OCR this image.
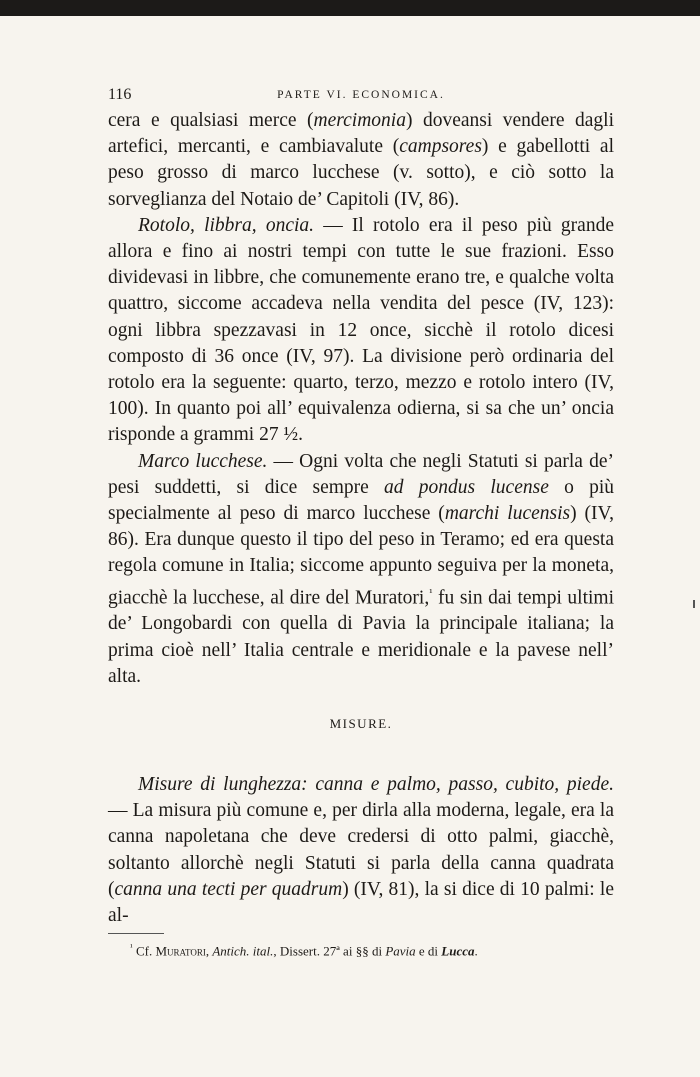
116	PARTE VI. ECONOMICA.

cera e qualsiasi merce (mercimonia) doveansi vendere dagli artefici, mercanti, e cambiavalute (campsores) e gabellotti al peso grosso di marco lucchese (v. sotto), e ciò sotto la sorveglianza del Notaio de’ Capitoli (IV, 86).

Rotolo, libbra, oncia. — Il rotolo era il peso più grande allora e fino ai nostri tempi con tutte le sue frazioni. Esso dividevasi in libbre, che comunemente erano tre, e qualche volta quattro, siccome accadeva nella vendita del pesce (IV, 123): ogni libbra spezzavasi in 12 once, sicchè il rotolo dicesi composto di 36 once (IV, 97). La divisione però ordinaria del rotolo era la seguente: quarto, terzo, mezzo e rotolo intero (IV, 100). In quanto poi all’ equivalenza odierna, si sa che un’ oncia risponde a grammi 27 ½.

Marco lucchese. — Ogni volta che negli Statuti si parla de’ pesi suddetti, si dice sempre ad pondus lucense o più specialmente al peso di marco lucchese (marchi lucensis) (IV, 86). Era dunque questo il tipo del peso in Teramo; ed era questa regola comune in Italia; siccome appunto seguiva per la moneta, giacchè la lucchese, al dire del Muratori,$^{^1}$ fu sin dai tempi ultimi de’ Longobardi con quella di Pavia la principale italiana; la prima cioè nell’ Italia centrale e meridionale e la pavese nell’ alta.

MISURE.

Misure di lunghezza: canna e palmo, passo, cubito, piede. — La misura più comune e, per dirla alla moderna, legale, era la canna napoletana che deve credersi di otto palmi, giacchè, soltanto allorchè negli Statuti si parla della canna quadrata (canna una tecti per quadrum) (IV, 81), la si dice di 10 palmi: le al-

$^{^1}$ Cf. Muratori, Antich. ital., Dissert. 27ª ai §§ di Pavia e di Lucca.
